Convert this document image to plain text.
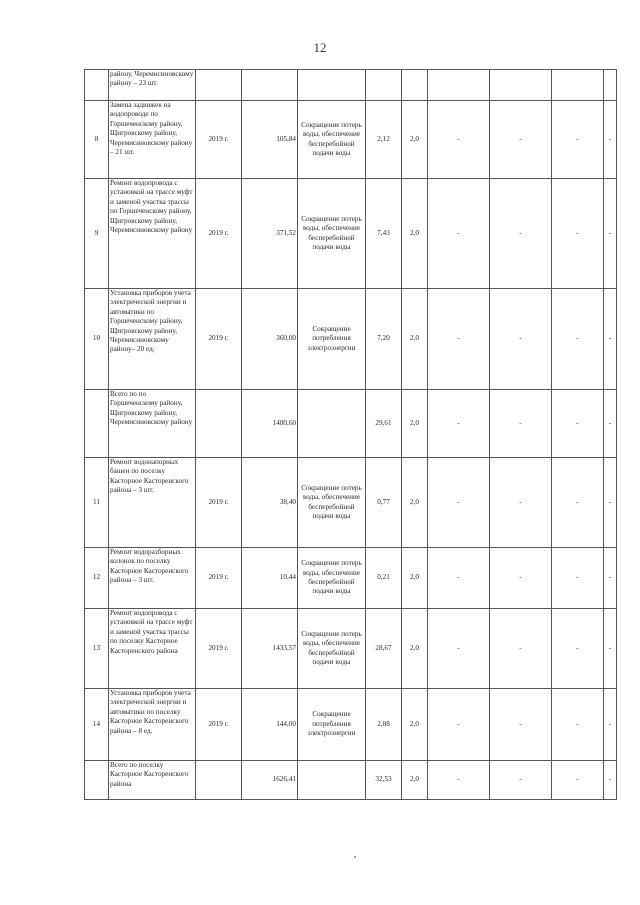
12
	району, Черемисиновскому району – 23 шт.									
8	Замена задвижек на водопроводе по Горшеченскому району, Щигровскому району, Черемисиновскому району – 21 шт.	2019 г.	105,84	Сокращение потерь воды, обеспечение бесперебойной подачи воды	2,12	2,0	-	-	-	-
9	Ремонт водопровода с установкой на трассе муфт и заменой участка трассы по Горшеченскому району, Щигровскому району, Черемисиновскому району	2019 г.	371,52	Сокращение потерь воды, обеспечение бесперебойной подачи воды	7,43	2,0	-	-	-	-
10	Установка приборов учета электрической энергии и автоматики по Горшеченскому району, Щигровскому району, Черемисиновскому району– 20 ед.	2019 г.	360,00	Сокращение потребления электроэнергии	7,20	2,0	-	-	-	-
	Всего по по Горшеченскому району, Щигровскому району, Черемисиновскому району		1480,60		29,61	2,0	-	-	-	-
11	Ремонт водонапорных башен по поселку Касторное Касторенского района – 3 шт.	2019 г.	38,40	Сокращение потерь воды, обеспечение бесперебойной подачи воды	0,77	2,0	-	-	-	-
12	Ремонт водоразборных колонок по поселку Касторное Касторенского района – 3 шт.	2019 г.	10,44	Сокращение потерь воды, обеспечение бесперебойной подачи воды	0,21	2,0	-	-	-	-
13	Ремонт водопровода с установкой на трассе муфт и заменой участка трассы по поселку Касторное Касторенского района	2019 г.	1433,57	Сокращение потерь воды, обеспечение бесперебойной подачи воды	28,67	2,0	-	-	-	-
14	Установка приборов учета электрической энергии и автоматики по поселку Касторное Касторенского района – 8 ед.	2019 г.	144,00	Сокращение потребления электроэнергии	2,88	2,0	-	-	-	-
	Всего по поселку Касторное Касторенского района		1626,41		32,53	2,0	-	-	-	-
